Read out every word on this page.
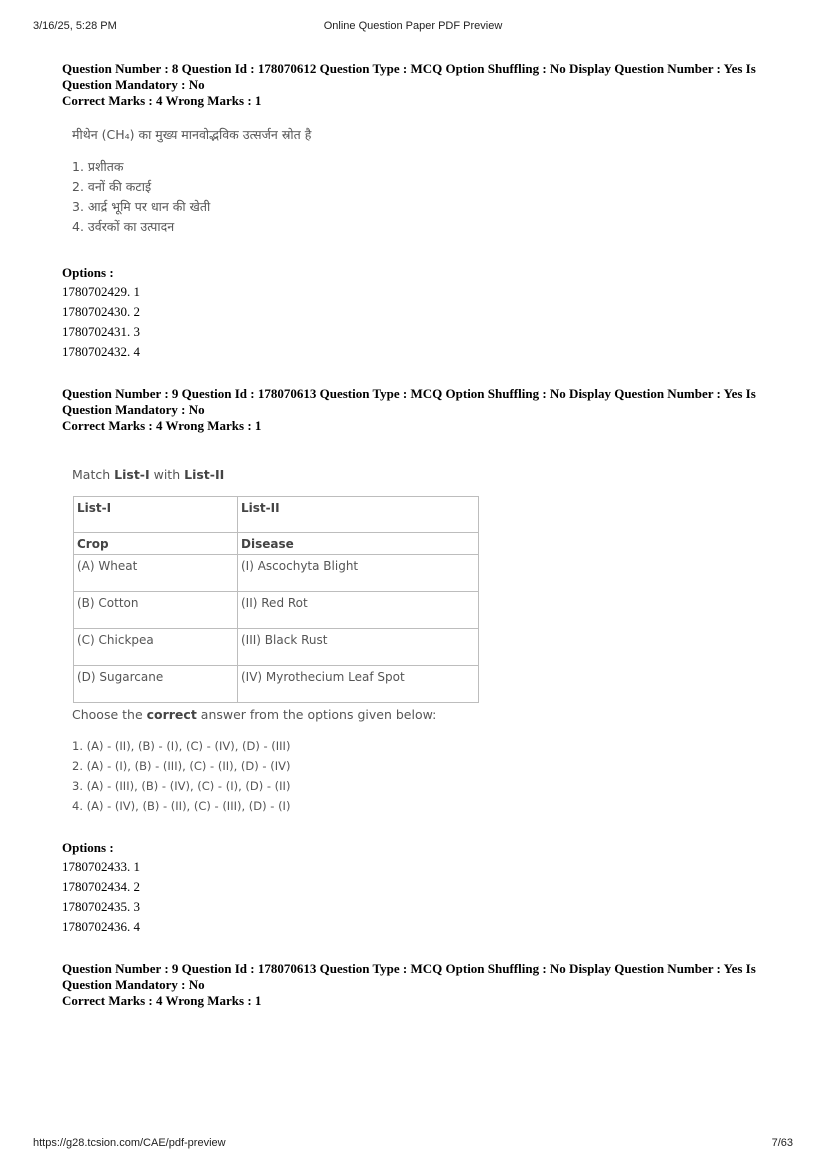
3/16/25, 5:28 PM	Online Question Paper PDF Preview
Question Number : 8 Question Id : 178070612 Question Type : MCQ Option Shuffling : No Display Question Number : Yes Is
Question Mandatory : No
Correct Marks : 4 Wrong Marks : 1
मीथेन (CH₄) का मुख्य मानवोद्भविक उत्सर्जन स्रोत है
1. प्रशीतक
2. वनों की कटाई
3. आर्द्र भूमि पर धान की खेती
4. उर्वरकों का उत्पादन
Options :
1780702429. 1
1780702430. 2
1780702431. 3
1780702432. 4
Question Number : 9 Question Id : 178070613 Question Type : MCQ Option Shuffling : No Display Question Number : Yes Is
Question Mandatory : No
Correct Marks : 4 Wrong Marks : 1
Match List-I with List-II
List-I	List-II
Crop	Disease
(A) Wheat	(I) Ascochyta Blight
(B) Cotton	(II) Red Rot
(C) Chickpea	(III) Black Rust
(D) Sugarcane	(IV) Myrothecium Leaf Spot
Choose the correct answer from the options given below:
1. (A) - (II), (B) - (I), (C) - (IV), (D) - (III)
2. (A) - (I), (B) - (III), (C) - (II), (D) - (IV)
3. (A) - (III), (B) - (IV), (C) - (I), (D) - (II)
4. (A) - (IV), (B) - (II), (C) - (III), (D) - (I)
Options :
1780702433. 1
1780702434. 2
1780702435. 3
1780702436. 4
Question Number : 9 Question Id : 178070613 Question Type : MCQ Option Shuffling : No Display Question Number : Yes Is
Question Mandatory : No
Correct Marks : 4 Wrong Marks : 1
https://g28.tcsion.com/CAE/pdf-preview	7/63
